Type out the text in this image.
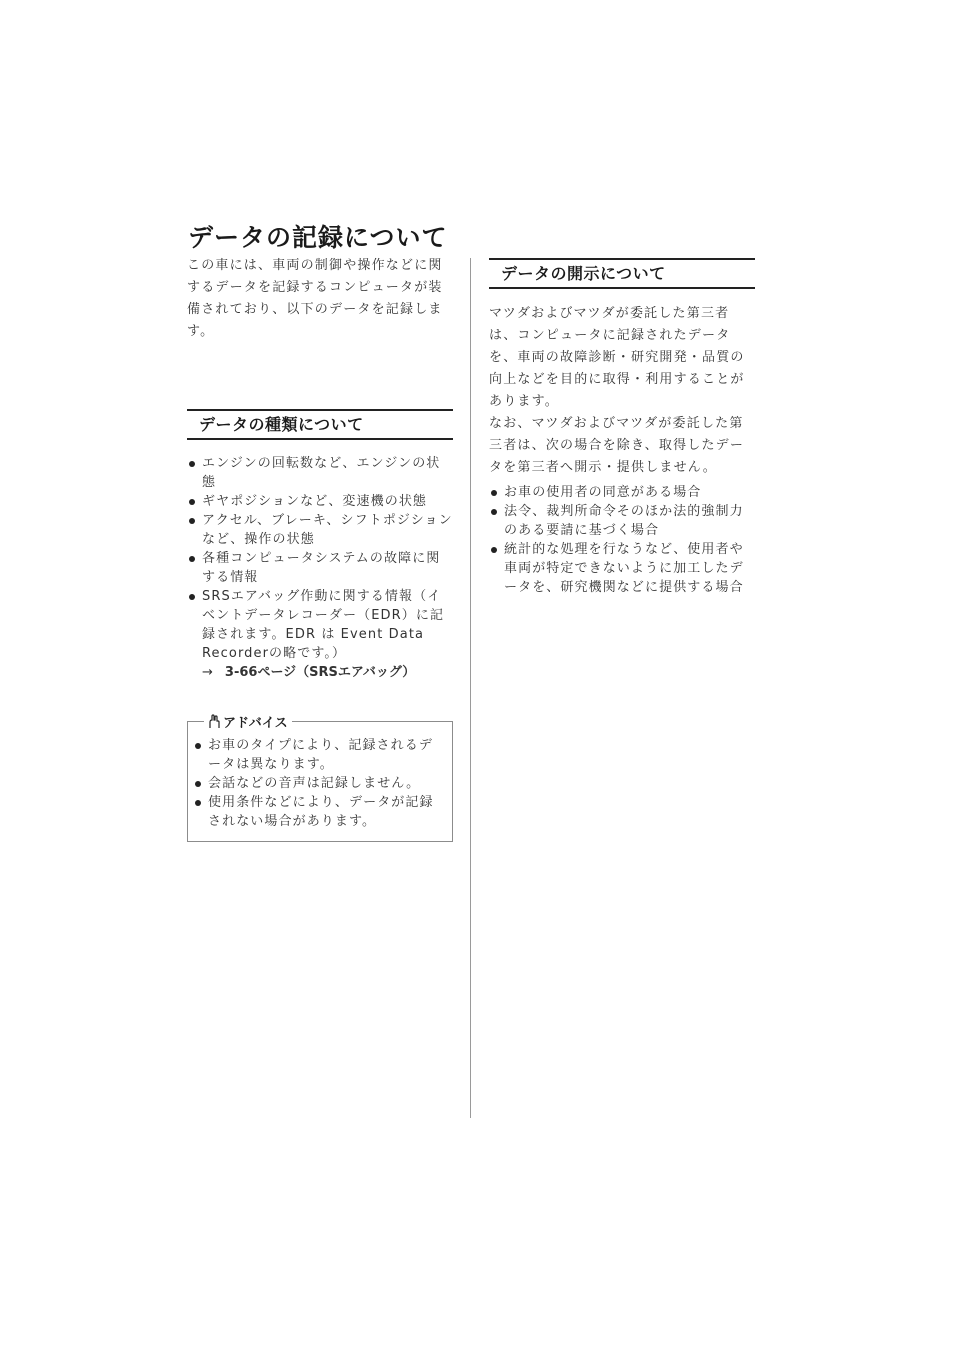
データの記録について

この車には、車両の制御や操作などに関するデータを記録するコンピュータが装備されており、以下のデータを記録します。

データの種類について
エンジンの回転数など、エンジンの状態
ギヤポジションなど、変速機の状態
アクセル、ブレーキ、シフトポジションなど、操作の状態
各種コンピュータシステムの故障に関する情報
SRSエアバッグ作動に関する情報（イベントデータレコーダー（EDR）に記録されます。EDR は Event Data Recorderの略です。）
→ 3-66ページ（SRSエアバッグ）
アドバイス
お車のタイプにより、記録されるデータは異なります。
会話などの音声は記録しません。
使用条件などにより、データが記録されない場合があります。
データの開示について

マツダおよびマツダが委託した第三者は、コンピュータに記録されたデータを、車両の故障診断・研究開発・品質の向上などを目的に取得・利用することがあります。

なお、マツダおよびマツダが委託した第三者は、次の場合を除き、取得したデータを第三者へ開示・提供しません。

お車の使用者の同意がある場合
法令、裁判所命令そのほか法的強制力のある要請に基づく場合
統計的な処理を行なうなど、使用者や車両が特定できないように加工したデータを、研究機関などに提供する場合
